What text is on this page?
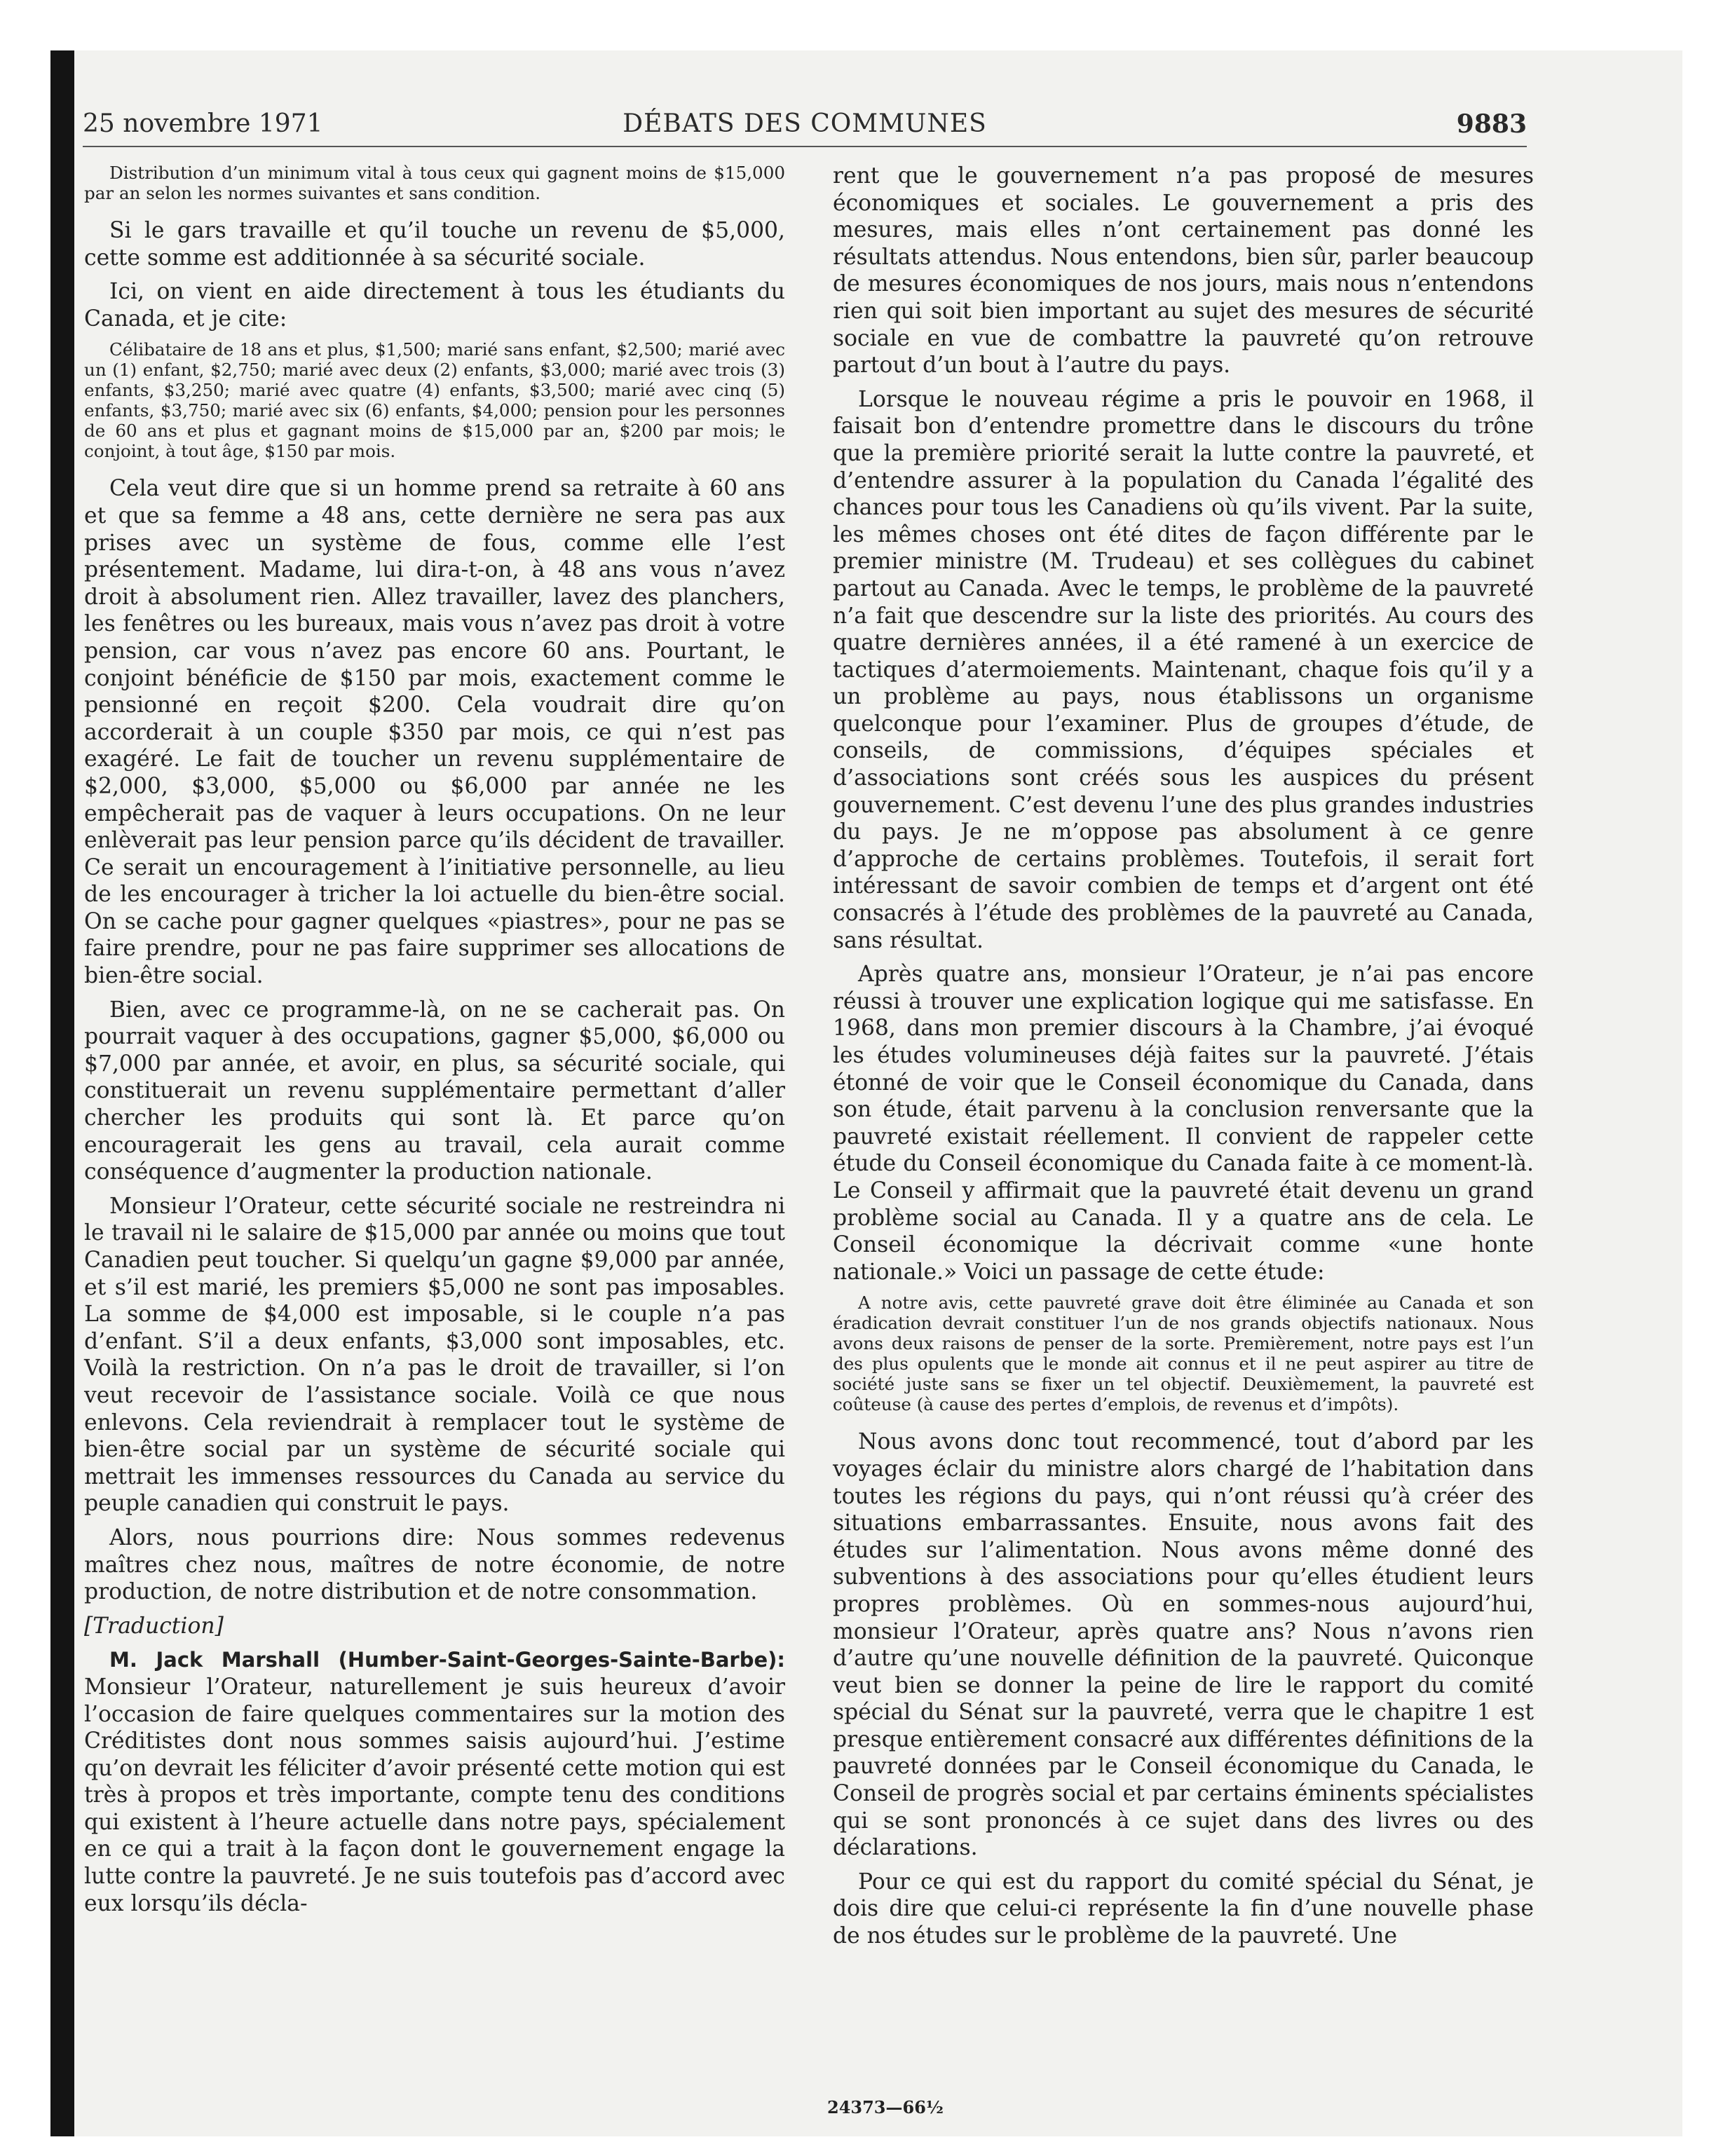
25 novembre 1971	DÉBATS DES COMMUNES	9883

Distribution d’un minimum vital à tous ceux qui gagnent moins de $15,000 par an selon les normes suivantes et sans condition.

Si le gars travaille et qu’il touche un revenu de $5,000, cette somme est additionnée à sa sécurité sociale.

Ici, on vient en aide directement à tous les étudiants du Canada, et je cite:

Célibataire de 18 ans et plus, $1,500; marié sans enfant, $2,500; marié avec un (1) enfant, $2,750; marié avec deux (2) enfants, $3,000; marié avec trois (3) enfants, $3,250; marié avec quatre (4) enfants, $3,500; marié avec cinq (5) enfants, $3,750; marié avec six (6) enfants, $4,000; pension pour les personnes de 60 ans et plus et gagnant moins de $15,000 par an, $200 par mois; le conjoint, à tout âge, $150 par mois.

Cela veut dire que si un homme prend sa retraite à 60 ans et que sa femme a 48 ans, cette dernière ne sera pas aux prises avec un système de fous, comme elle l’est présentement. Madame, lui dira-t-on, à 48 ans vous n’avez droit à absolument rien. Allez travailler, lavez des planchers, les fenêtres ou les bureaux, mais vous n’avez pas droit à votre pension, car vous n’avez pas encore 60 ans. Pourtant, le conjoint bénéficie de $150 par mois, exactement comme le pensionné en reçoit $200. Cela voudrait dire qu’on accorderait à un couple $350 par mois, ce qui n’est pas exagéré. Le fait de toucher un revenu supplémentaire de $2,000, $3,000, $5,000 ou $6,000 par année ne les empêcherait pas de vaquer à leurs occupations. On ne leur enlèverait pas leur pension parce qu’ils décident de travailler. Ce serait un encouragement à l’initiative personnelle, au lieu de les encourager à tricher la loi actuelle du bien-être social. On se cache pour gagner quelques «piastres», pour ne pas se faire prendre, pour ne pas faire supprimer ses allocations de bien-être social.

Bien, avec ce programme-là, on ne se cacherait pas. On pourrait vaquer à des occupations, gagner $5,000, $6,000 ou $7,000 par année, et avoir, en plus, sa sécurité sociale, qui constituerait un revenu supplémentaire permettant d’aller chercher les produits qui sont là. Et parce qu’on encouragerait les gens au travail, cela aurait comme conséquence d’augmenter la production nationale.

Monsieur l’Orateur, cette sécurité sociale ne restreindra ni le travail ni le salaire de $15,000 par année ou moins que tout Canadien peut toucher. Si quelqu’un gagne $9,000 par année, et s’il est marié, les premiers $5,000 ne sont pas imposables. La somme de $4,000 est imposable, si le couple n’a pas d’enfant. S’il a deux enfants, $3,000 sont imposables, etc. Voilà la restriction. On n’a pas le droit de travailler, si l’on veut recevoir de l’assistance sociale. Voilà ce que nous enlevons. Cela reviendrait à remplacer tout le système de bien-être social par un système de sécurité sociale qui mettrait les immenses ressources du Canada au service du peuple canadien qui construit le pays.

Alors, nous pourrions dire: Nous sommes redevenus maîtres chez nous, maîtres de notre économie, de notre production, de notre distribution et de notre consommation.

[Traduction]

M. Jack Marshall (Humber-Saint-Georges-Sainte-Barbe): Monsieur l’Orateur, naturellement je suis heureux d’avoir l’occasion de faire quelques commentaires sur la motion des Créditistes dont nous sommes saisis aujourd’hui. J’estime qu’on devrait les féliciter d’avoir présenté cette motion qui est très à propos et très importante, compte tenu des conditions qui existent à l’heure actuelle dans notre pays, spécialement en ce qui a trait à la façon dont le gouvernement engage la lutte contre la pauvreté. Je ne suis toutefois pas d’accord avec eux lorsqu’ils décla-

rent que le gouvernement n’a pas proposé de mesures économiques et sociales. Le gouvernement a pris des mesures, mais elles n’ont certainement pas donné les résultats attendus. Nous entendons, bien sûr, parler beaucoup de mesures économiques de nos jours, mais nous n’entendons rien qui soit bien important au sujet des mesures de sécurité sociale en vue de combattre la pauvreté qu’on retrouve partout d’un bout à l’autre du pays.

Lorsque le nouveau régime a pris le pouvoir en 1968, il faisait bon d’entendre promettre dans le discours du trône que la première priorité serait la lutte contre la pauvreté, et d’entendre assurer à la population du Canada l’égalité des chances pour tous les Canadiens où qu’ils vivent. Par la suite, les mêmes choses ont été dites de façon différente par le premier ministre (M. Trudeau) et ses collègues du cabinet partout au Canada. Avec le temps, le problème de la pauvreté n’a fait que descendre sur la liste des priorités. Au cours des quatre dernières années, il a été ramené à un exercice de tactiques d’atermoiements. Maintenant, chaque fois qu’il y a un problème au pays, nous établissons un organisme quelconque pour l’examiner. Plus de groupes d’étude, de conseils, de commissions, d’équipes spéciales et d’associations sont créés sous les auspices du présent gouvernement. C’est devenu l’une des plus grandes industries du pays. Je ne m’oppose pas absolument à ce genre d’approche de certains problèmes. Toutefois, il serait fort intéressant de savoir combien de temps et d’argent ont été consacrés à l’étude des problèmes de la pauvreté au Canada, sans résultat.

Après quatre ans, monsieur l’Orateur, je n’ai pas encore réussi à trouver une explication logique qui me satisfasse. En 1968, dans mon premier discours à la Chambre, j’ai évoqué les études volumineuses déjà faites sur la pauvreté. J’étais étonné de voir que le Conseil économique du Canada, dans son étude, était parvenu à la conclusion renversante que la pauvreté existait réellement. Il convient de rappeler cette étude du Conseil économique du Canada faite à ce moment-là. Le Conseil y affirmait que la pauvreté était devenu un grand problème social au Canada. Il y a quatre ans de cela. Le Conseil économique la décrivait comme «une honte nationale.» Voici un passage de cette étude:

A notre avis, cette pauvreté grave doit être éliminée au Canada et son éradication devrait constituer l’un de nos grands objectifs nationaux. Nous avons deux raisons de penser de la sorte. Premièrement, notre pays est l’un des plus opulents que le monde ait connus et il ne peut aspirer au titre de société juste sans se fixer un tel objectif. Deuxièmement, la pauvreté est coûteuse (à cause des pertes d’emplois, de revenus et d’impôts).

Nous avons donc tout recommencé, tout d’abord par les voyages éclair du ministre alors chargé de l’habitation dans toutes les régions du pays, qui n’ont réussi qu’à créer des situations embarrassantes. Ensuite, nous avons fait des études sur l’alimentation. Nous avons même donné des subventions à des associations pour qu’elles étudient leurs propres problèmes. Où en sommes-nous aujourd’hui, monsieur l’Orateur, après quatre ans? Nous n’avons rien d’autre qu’une nouvelle définition de la pauvreté. Quiconque veut bien se donner la peine de lire le rapport du comité spécial du Sénat sur la pauvreté, verra que le chapitre 1 est presque entièrement consacré aux différentes définitions de la pauvreté données par le Conseil économique du Canada, le Conseil de progrès social et par certains éminents spécialistes qui se sont prononcés à ce sujet dans des livres ou des déclarations.

Pour ce qui est du rapport du comité spécial du Sénat, je dois dire que celui-ci représente la fin d’une nouvelle phase de nos études sur le problème de la pauvreté. Une

24373—66½
